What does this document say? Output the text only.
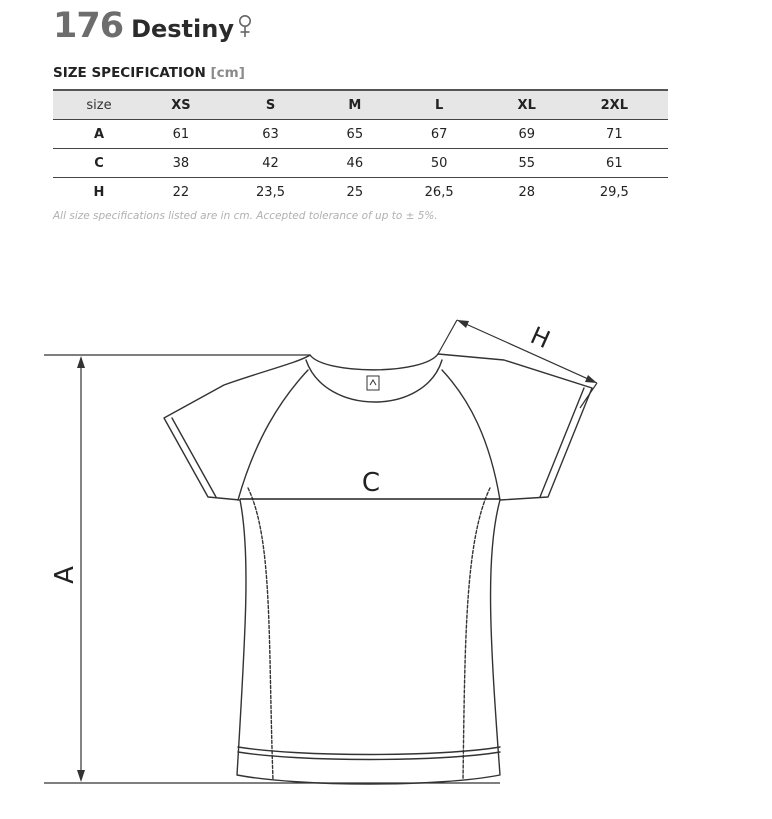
176 Destiny
SIZE SPECIFICATION [cm]
size	XS	S	M	L	XL	2XL
A	61	63	65	67	69	71
C	38	42	46	50	55	61
H	22	23,5	25	26,5	28	29,5
All size specifications listed are in cm. Accepted tolerance of up to ± 5%.
A
C
H
